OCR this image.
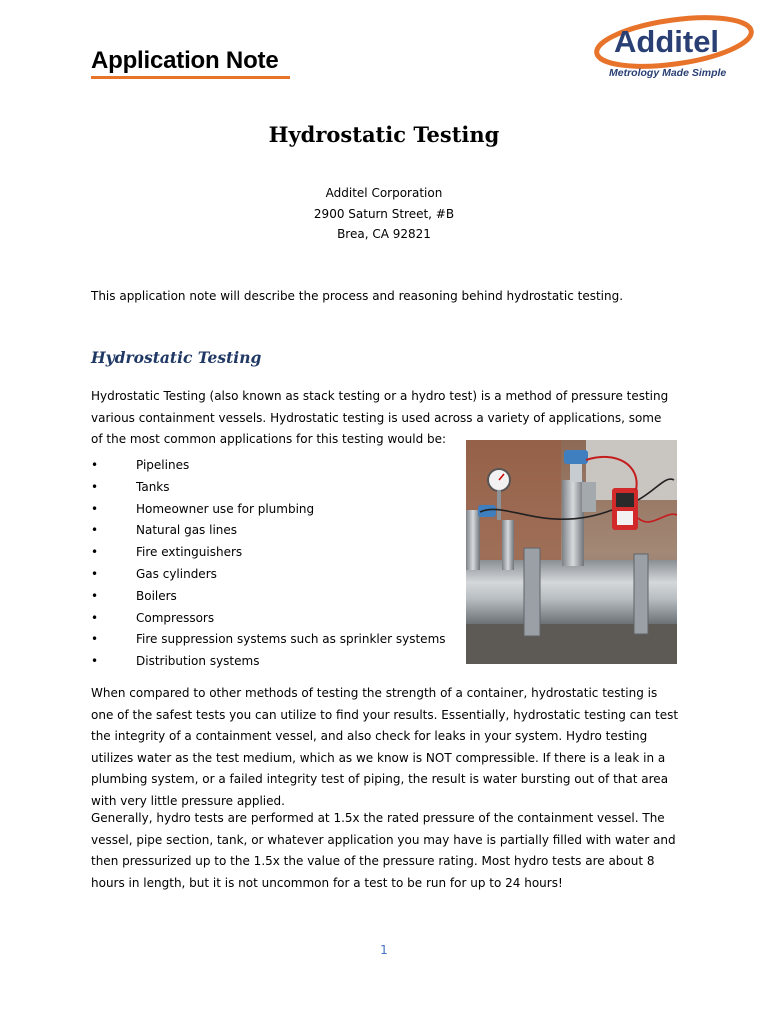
Application Note
Additel
Metrology Made Simple
Hydrostatic Testing
Additel Corporation
2900 Saturn Street, #B
Brea, CA 92821
This application note will describe the process and reasoning behind hydrostatic testing.
Hydrostatic Testing
Hydrostatic Testing (also known as stack testing or a hydro test) is a method of pressure testing various containment vessels. Hydrostatic testing is used across a variety of applications, some of the most common applications for this testing would be:
•	Pipelines
•	Tanks
•	Homeowner use for plumbing
•	Natural gas lines
•	Fire extinguishers
•	Gas cylinders
•	Boilers
•	Compressors
•	Fire suppression systems such as sprinkler systems
•	Distribution systems
When compared to other methods of testing the strength of a container, hydrostatic testing is one of the safest tests you can utilize to find your results. Essentially, hydrostatic testing can test the integrity of a containment vessel, and also check for leaks in your system. Hydro testing utilizes water as the test medium, which as we know is NOT compressible. If there is a leak in a plumbing system, or a failed integrity test of piping, the result is water bursting out of that area with very little pressure applied.
Generally, hydro tests are performed at 1.5x the rated pressure of the containment vessel. The vessel, pipe section, tank, or whatever application you may have is partially filled with water and then pressurized up to the 1.5x the value of the pressure rating. Most hydro tests are about 8 hours in length, but it is not uncommon for a test to be run for up to 24 hours!
1
